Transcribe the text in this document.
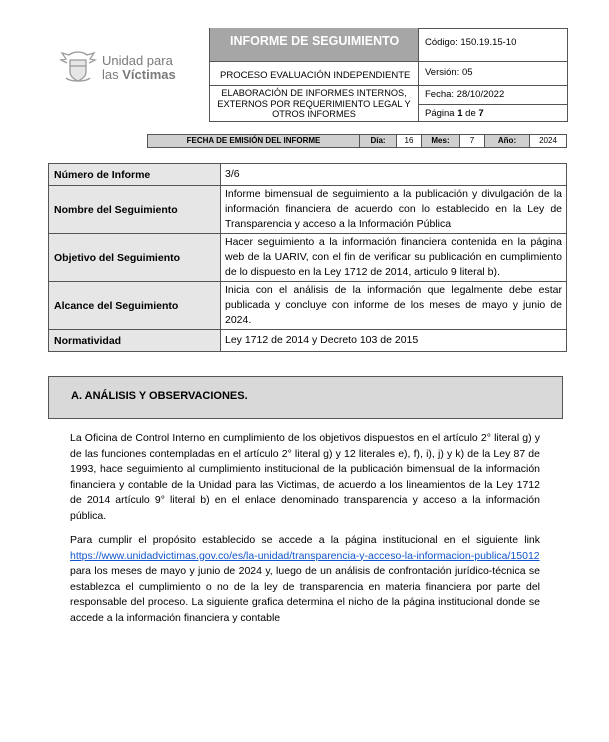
Unidad para
las Víctimas
INFORME DE SEGUIMIENTO
PROCESO EVALUACIÓN INDEPENDIENTE
ELABORACIÓN DE INFORMES INTERNOS, EXTERNOS POR REQUERIMIENTO LEGAL Y OTROS INFORMES
Código: 150.19.15-10
Versión: 05
Fecha: 28/10/2022
Página 1 de 7
FECHA DE EMISIÓN DEL INFORME	Día:	16	Mes:	7	Año:	2024
Número de Informe	3/6
Nombre del Seguimiento	Informe bimensual de seguimiento a la publicación y divulgación de la información financiera de acuerdo con lo establecido en la Ley de Transparencia y acceso a la Información Pública
Objetivo del Seguimiento	Hacer seguimiento a la información financiera contenida en la página web de la UARIV, con el fin de verificar su publicación en cumplimiento de lo dispuesto en la Ley 1712 de 2014, articulo 9 literal b).
Alcance del Seguimiento	Inicia con el análisis de la información que legalmente debe estar publicada y concluye con informe de los meses de mayo y junio de 2024.
Normatividad	Ley 1712 de 2014 y Decreto 103 de 2015
A. ANÁLISIS Y OBSERVACIONES.

La Oficina de Control Interno en cumplimiento de los objetivos dispuestos en el artículo 2° literal g) y de las funciones contempladas en el artículo 2° literal g) y 12 literales e), f), i), j) y k) de la Ley 87 de 1993, hace seguimiento al cumplimiento institucional de la publicación bimensual de la información financiera y contable de la Unidad para las Victimas, de acuerdo a los lineamientos de la Ley 1712 de 2014 artículo 9° literal b) en el enlace denominado transparencia y acceso a la información pública.

Para cumplir el propósito establecido se accede a la página institucional en el siguiente link https://www.unidadvictimas.gov.co/es/la-unidad/transparencia-y-acceso-la-informacion-publica/15012 para los meses de mayo y junio de 2024 y, luego de un análisis de confrontación jurídico-técnica se establezca el cumplimiento o no de la ley de transparencia en materia financiera por parte del responsable del proceso. La siguiente grafica determina el nicho de la página institucional donde se accede a la información financiera y contable
